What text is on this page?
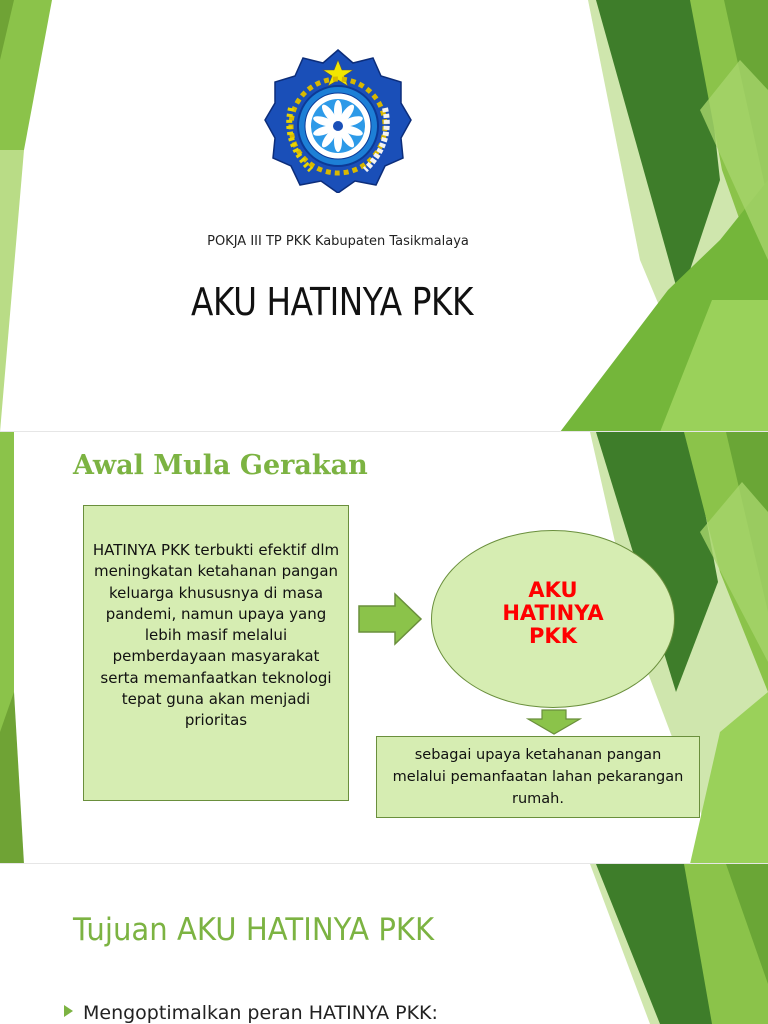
POKJA III TP PKK Kabupaten Tasikmalaya
AKU HATINYA PKK
Awal Mula Gerakan

HATINYA PKK terbukti efektif dlm meningkatan ketahanan pangan keluarga khususnya di masa pandemi, namun upaya yang lebih masif melalui pemberdayaan masyarakat serta memanfaatkan teknologi tepat guna akan menjadi prioritas

AKU
HATINYA
PKK

sebagai upaya ketahanan pangan melalui pemanfaatan lahan pekarangan rumah.

Tujuan AKU HATINYA PKK
Mengoptimalkan peran HATINYA PKK:
